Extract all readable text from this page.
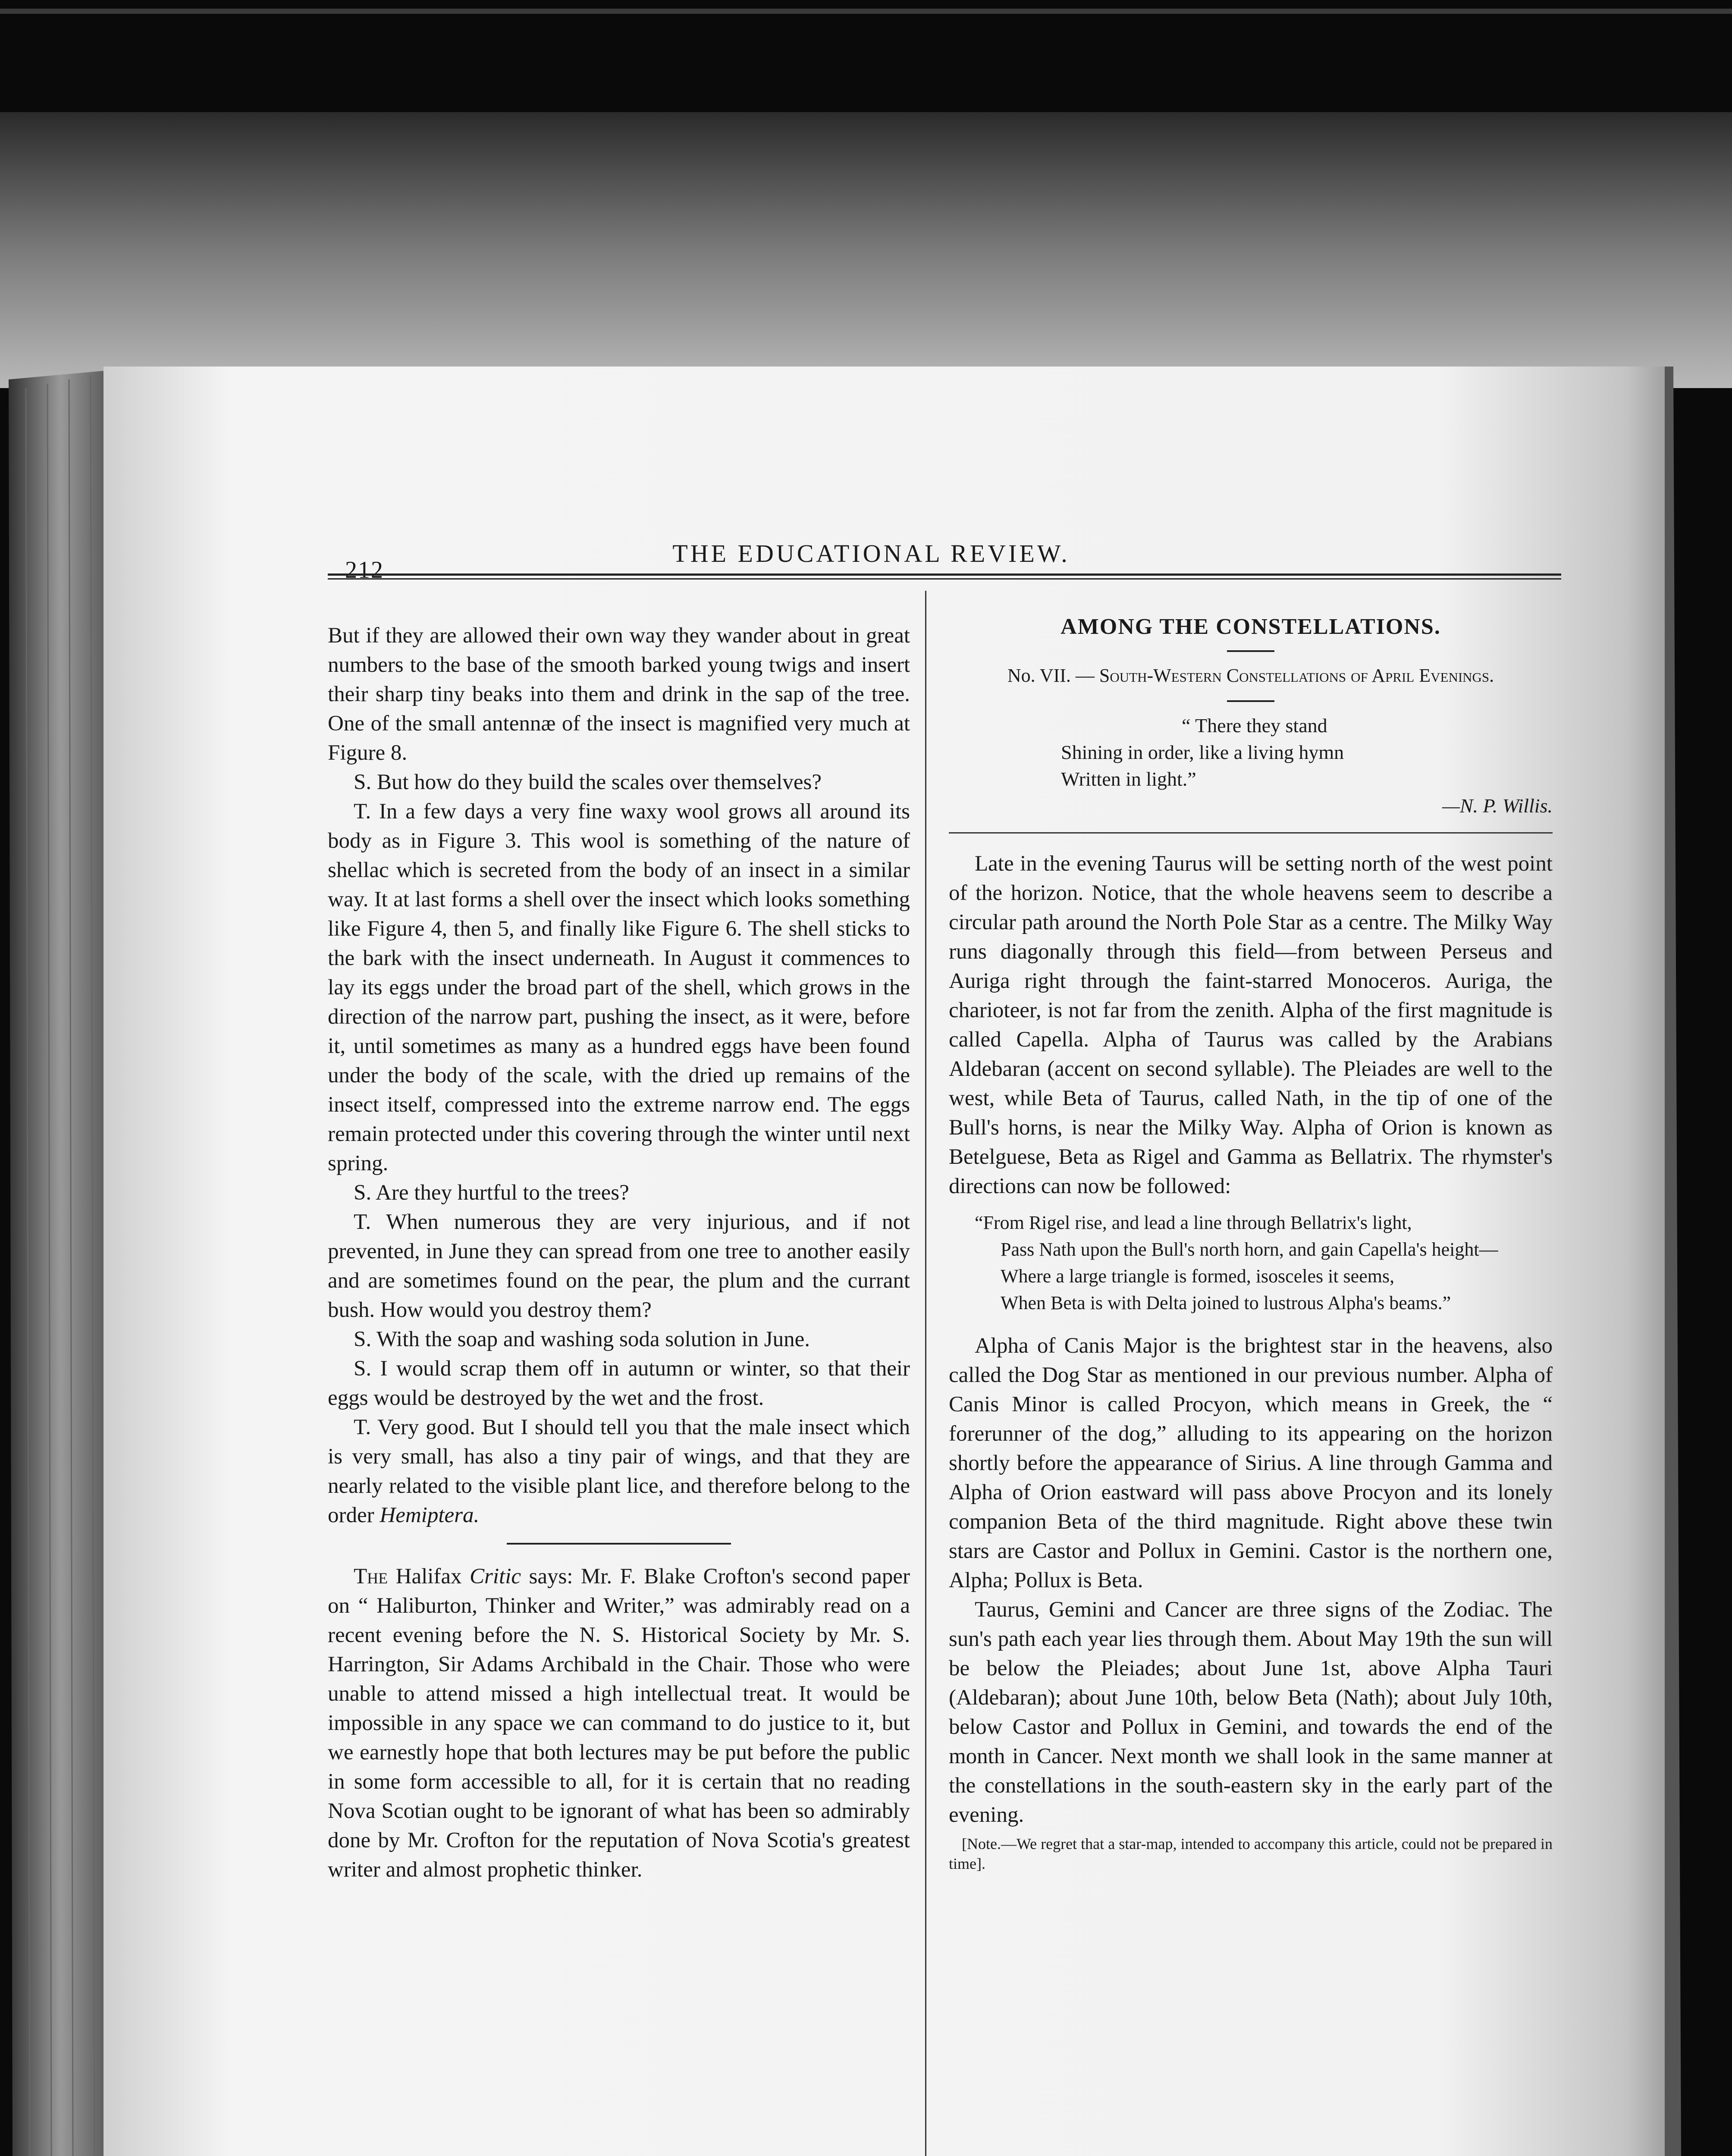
212
THE EDUCATIONAL REVIEW.

But if they are allowed their own way they wander about in great numbers to the base of the smooth barked young twigs and insert their sharp tiny beaks into them and drink in the sap of the tree. One of the small antennæ of the insect is magnified very much at Figure 8.

S. But how do they build the scales over themselves?

T. In a few days a very fine waxy wool grows all around its body as in Figure 3. This wool is something of the nature of shellac which is secreted from the body of an insect in a similar way. It at last forms a shell over the insect which looks something like Figure 4, then 5, and finally like Figure 6. The shell sticks to the bark with the insect underneath. In August it commences to lay its eggs under the broad part of the shell, which grows in the direction of the narrow part, pushing the insect, as it were, before it, until sometimes as many as a hundred eggs have been found under the body of the scale, with the dried up remains of the insect itself, compressed into the extreme narrow end. The eggs remain protected under this covering through the winter until next spring.

S. Are they hurtful to the trees?

T. When numerous they are very injurious, and if not prevented, in June they can spread from one tree to another easily and are sometimes found on the pear, the plum and the currant bush. How would you destroy them?

S. With the soap and washing soda solution in June.

S. I would scrap them off in autumn or winter, so that their eggs would be destroyed by the wet and the frost.

T. Very good. But I should tell you that the male insect which is very small, has also a tiny pair of wings, and that they are nearly related to the visible plant lice, and therefore belong to the order Hemiptera.

The Halifax Critic says: Mr. F. Blake Crofton's second paper on “ Haliburton, Thinker and Writer,” was admirably read on a recent evening before the N. S. Historical Society by Mr. S. Harrington, Sir Adams Archibald in the Chair. Those who were unable to attend missed a high intellectual treat. It would be impossible in any space we can command to do justice to it, but we earnestly hope that both lectures may be put before the public in some form accessible to all, for it is certain that no reading Nova Scotian ought to be ignorant of what has been so admirably done by Mr. Crofton for the reputation of Nova Scotia's greatest writer and almost prophetic thinker.

AMONG THE CONSTELLATIONS.
No. VII. — South-Western Constellations of April Evenings.
“ There they stand
Shining in order, like a living hymn
Written in light.”
—N. P. Willis.

Late in the evening Taurus will be setting north of the west point of the horizon. Notice, that the whole heavens seem to describe a circular path around the North Pole Star as a centre. The Milky Way runs diagonally through this field—from between Perseus and Auriga right through the faint-starred Monoceros. Auriga, the charioteer, is not far from the zenith. Alpha of the first magnitude is called Capella. Alpha of Taurus was called by the Arabians Aldebaran (accent on second syllable). The Pleiades are well to the west, while Beta of Taurus, called Nath, in the tip of one of the Bull's horns, is near the Milky Way. Alpha of Orion is known as Betelguese, Beta as Rigel and Gamma as Bellatrix. The rhymster's directions can now be followed:

“From Rigel rise, and lead a line through Bellatrix's light,
Pass Nath upon the Bull's north horn, and gain Capella's height—
Where a large triangle is formed, isosceles it seems,
When Beta is with Delta joined to lustrous Alpha's beams.”

Alpha of Canis Major is the brightest star in the heavens, also called the Dog Star as mentioned in our previous number. Alpha of Canis Minor is called Procyon, which means in Greek, the “ forerunner of the dog,” alluding to its appearing on the horizon shortly before the appearance of Sirius. A line through Gamma and Alpha of Orion eastward will pass above Procyon and its lonely companion Beta of the third magnitude. Right above these twin stars are Castor and Pollux in Gemini. Castor is the northern one, Alpha; Pollux is Beta.

Taurus, Gemini and Cancer are three signs of the Zodiac. The sun's path each year lies through them. About May 19th the sun will be below the Pleiades; about June 1st, above Alpha Tauri (Aldebaran); about June 10th, below Beta (Nath); about July 10th, below Castor and Pollux in Gemini, and towards the end of the month in Cancer. Next month we shall look in the same manner at the constellations in the south-eastern sky in the early part of the evening.

[Note.—We regret that a star-map, intended to accompany this article, could not be prepared in time].
